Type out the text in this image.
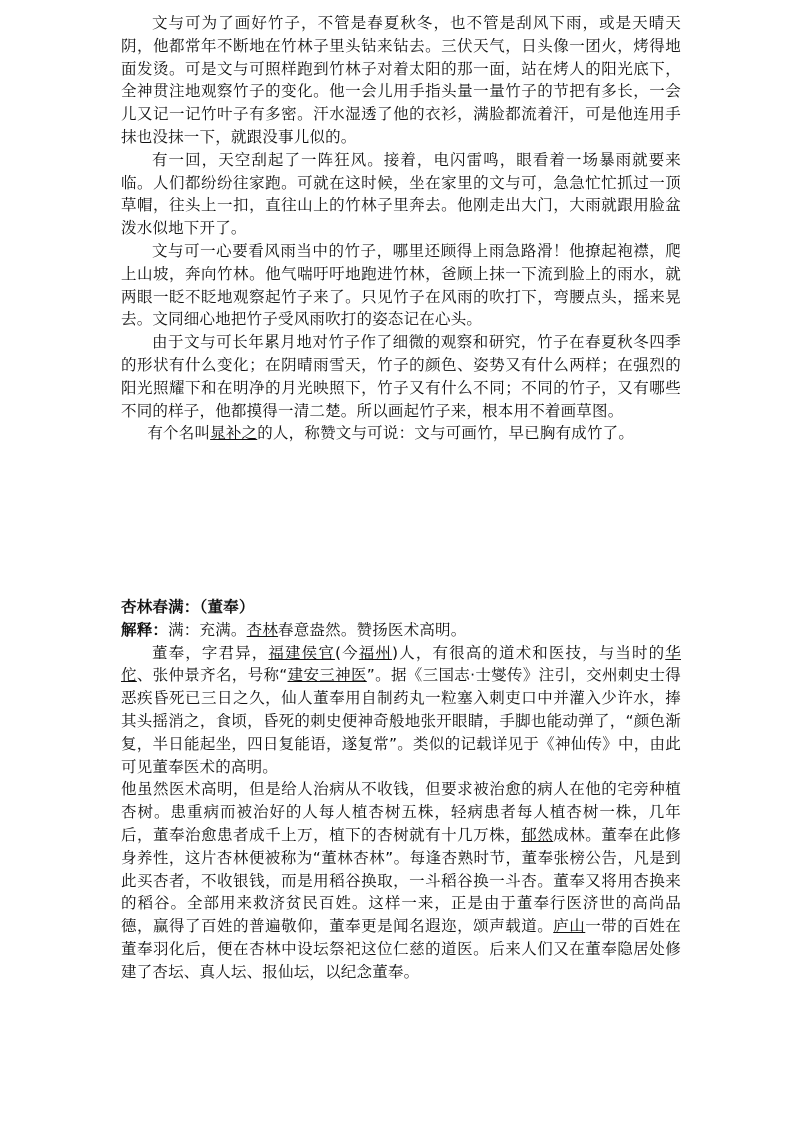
文与可为了画好竹子，不管是春夏秋冬，也不管是刮风下雨，或是天晴天阴，他都常年不断地在竹林子里头钻来钻去。三伏天气，日头像一团火，烤得地面发烫。可是文与可照样跑到竹林子对着太阳的那一面，站在烤人的阳光底下，全神贯注地观察竹子的变化。他一会儿用手指头量一量竹子的节把有多长，一会儿又记一记竹叶子有多密。汗水湿透了他的衣衫，满脸都流着汗，可是他连用手抹也没抹一下，就跟没事儿似的。

有一回，天空刮起了一阵狂风。接着，电闪雷鸣，眼看着一场暴雨就要来临。人们都纷纷往家跑。可就在这时候，坐在家里的文与可，急急忙忙抓过一顶草帽，往头上一扣，直往山上的竹林子里奔去。他刚走出大门，大雨就跟用脸盆泼水似地下开了。

文与可一心要看风雨当中的竹子，哪里还顾得上雨急路滑！他撩起袍襟，爬上山坡，奔向竹林。他气喘吁吁地跑进竹林，爸顾上抹一下流到脸上的雨水，就两眼一眨不眨地观察起竹子来了。只见竹子在风雨的吹打下，弯腰点头，摇来晃去。文同细心地把竹子受风雨吹打的姿态记在心头。

由于文与可长年累月地对竹子作了细微的观察和研究，竹子在春夏秋冬四季的形状有什么变化；在阴晴雨雪天，竹子的颜色、姿势又有什么两样；在强烈的阳光照耀下和在明净的月光映照下，竹子又有什么不同；不同的竹子，又有哪些不同的样子，他都摸得一清二楚。所以画起竹子来，根本用不着画草图。

有个名叫晁补之的人，称赞文与可说：文与可画竹，早已胸有成竹了。

杏林春满：（董奉）

解释：满：充满。杏林春意盎然。赞扬医术高明。

董奉，字君异，福建侯官(今福州)人，有很高的道术和医技，与当时的华佗、张仲景齐名，号称“建安三神医”。据《三国志·士燮传》注引，交州刺史士得恶疾昏死已三日之久，仙人董奉用自制药丸一粒塞入刺吏口中并灌入少许水，捧其头摇消之，食顷，昏死的刺史便神奇般地张开眼睛，手脚也能动弹了，“颜色渐复，半日能起坐，四日复能语，遂复常”。类似的记载详见于《神仙传》中，由此可见董奉医术的高明。

他虽然医术高明，但是给人治病从不收钱，但要求被治愈的病人在他的宅旁种植杏树。患重病而被治好的人每人植杏树五株，轻病患者每人植杏树一株，几年后，董奉治愈患者成千上万，植下的杏树就有十几万株，郁然成林。董奉在此修身养性，这片杏林便被称为“董林杏林”。每逢杏熟时节，董奉张榜公告，凡是到此买杏者，不收银钱，而是用稻谷换取，一斗稻谷换一斗杏。董奉又将用杏换来的稻谷。全部用来救济贫民百姓。这样一来，正是由于董奉行医济世的高尚品德，赢得了百姓的普遍敬仰，董奉更是闻名遐迩，颂声载道。庐山一带的百姓在董奉羽化后，便在杏林中设坛祭祀这位仁慈的道医。后来人们又在董奉隐居处修建了杏坛、真人坛、报仙坛，以纪念董奉。
